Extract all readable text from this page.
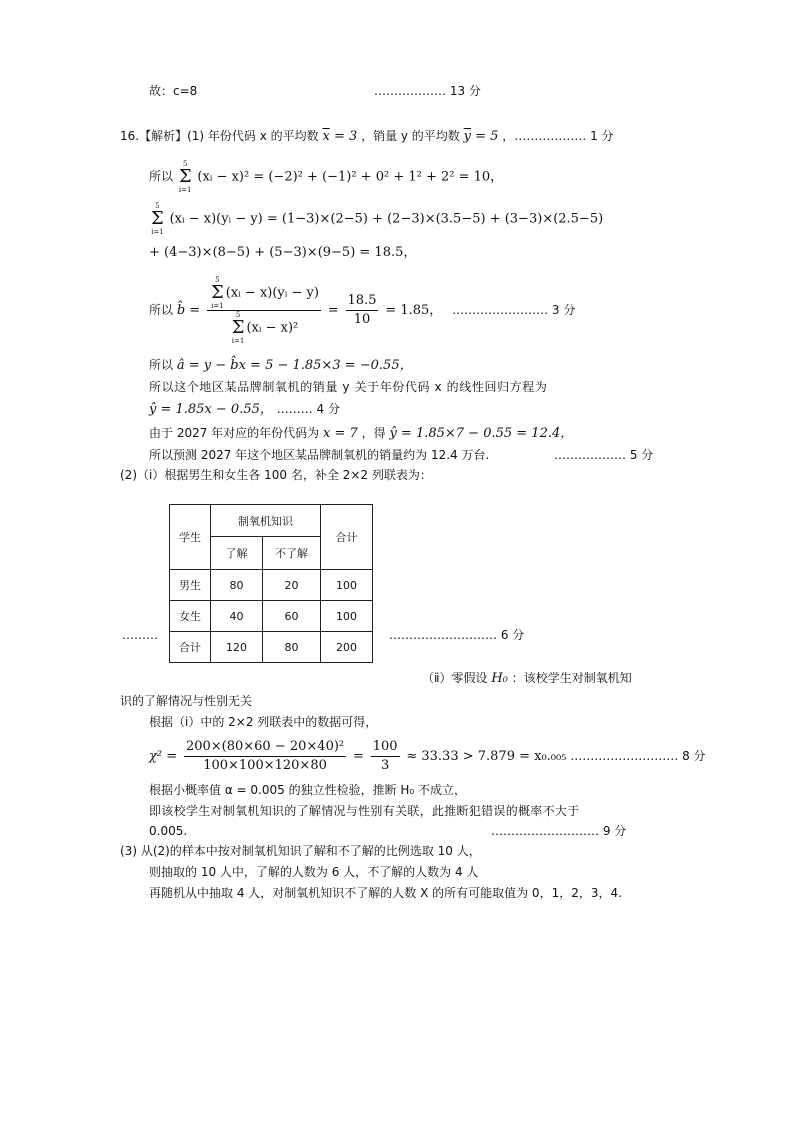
故：c=8	……………… 13 分
16.【解析】(1) 年份代码 x 的平均数 $\overline{x} = 3$ ，销量 y 的平均数 $\overline{y} = 5$ ，……………… 1 分
所以
5
Σ
i=1
(xᵢ − x)² = (−2)² + (−1)² + 0² + 1² + 2² = 10，
5
Σ
i=1
(xᵢ − x)(yᵢ − y) = (1−3)×(2−5) + (2−3)×(3.5−5) + (3−3)×(2.5−5)
+ (4−3)×(8−5) + (5−3)×(9−5) = 18.5，
所以 b̂ = 5
Σ
i=1
(xᵢ − x)(yᵢ − y)
5
Σ
i=1
(xᵢ − $x)^2 = \frac{18.5}{10} = 1.85$， …………………… 3 分
所以 â = y − b̂x = 5 − 1.85×3 = −0.55，
所以这个地区某品牌制氧机的销量 y 关于年份代码 x 的线性回归方程为
ŷ = 1.85x − 0.55， ……… 4 分
由于 2027 年对应的年份代码为 x = 7 ，得 ŷ = 1.85×7 − 0.55 = 12.4，
所以预测 2027 年这个地区某品牌制氧机的销量约为 12.4 万台.	……………… 5 分
(2)（ⅰ）根据男生和女生各 100 名，补全 2×2 列联表为：
学生	制氧机知识		合计
	了解	不了解	
男生	80	20	100
女生	40	60	100
合计	120	80	200
………	……………………… 6 分
（ⅱ）零假设 H₀ ：该校学生对制氧机知
识的了解情况与性别无关
根据（ⅰ）中的 2×2 列联表中的数据可得，
$\chi^2 = \frac{\text{200×(80×60 − 20×40)²}}{100\times 100\times 120\times 80} = \frac{100}{3} \approx 33.33 > 7.879 = x_0._{005}$ ……………………… 8 分
根据小概率值 α = 0.005 的独立性检验，推断 H₀ 不成立，
即该校学生对制氧机知识的了解情况与性别有关联，此推断犯错误的概率不大于
0.005.	……………………… 9 分
(3) 从(2)的样本中按对制氧机知识了解和不了解的比例选取 10 人，
则抽取的 10 人中，了解的人数为 6 人，不了解的人数为 4 人
再随机从中抽取 4 人，对制氧机知识不了解的人数 X 的所有可能取值为 0，1，2，3，4.
